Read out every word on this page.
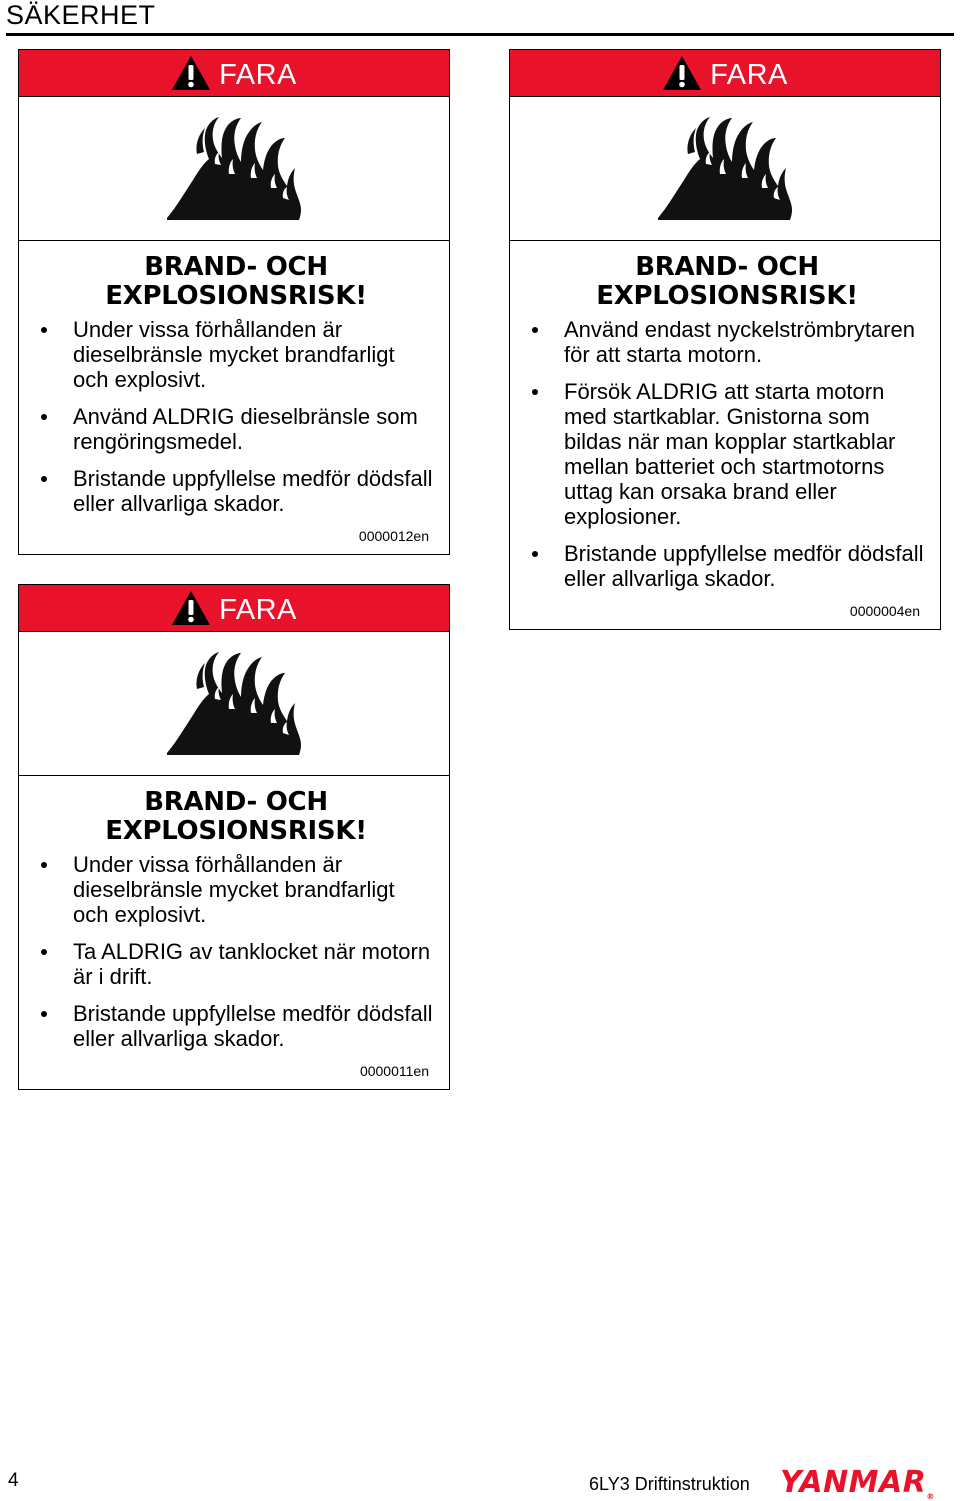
SÄKERHET
FARA
BRAND- OCH
EXPLOSIONSRISK!
Under vissa förhållanden är dieselbränsle mycket brandfarligt och explosivt.
Använd ALDRIG dieselbränsle som rengöringsmedel.
Bristande uppfyllelse medför dödsfall eller allvarliga skador.
0000012en
FARA
BRAND- OCH
EXPLOSIONSRISK!
Använd endast nyckelströmbrytaren för att starta motorn.
Försök ALDRIG att starta motorn med startkablar. Gnistorna som bildas när man kopplar startkablar mellan batteriet och startmotorns uttag kan orsaka brand eller explosioner.
Bristande uppfyllelse medför dödsfall eller allvarliga skador.
0000004en
FARA
BRAND- OCH
EXPLOSIONSRISK!
Under vissa förhållanden är dieselbränsle mycket brandfarligt och explosivt.
Ta ALDRIG av tanklocket när motorn är i drift.
Bristande uppfyllelse medför dödsfall eller allvarliga skador.
0000011en
4	6LY3 Driftinstruktion YANMAR®
